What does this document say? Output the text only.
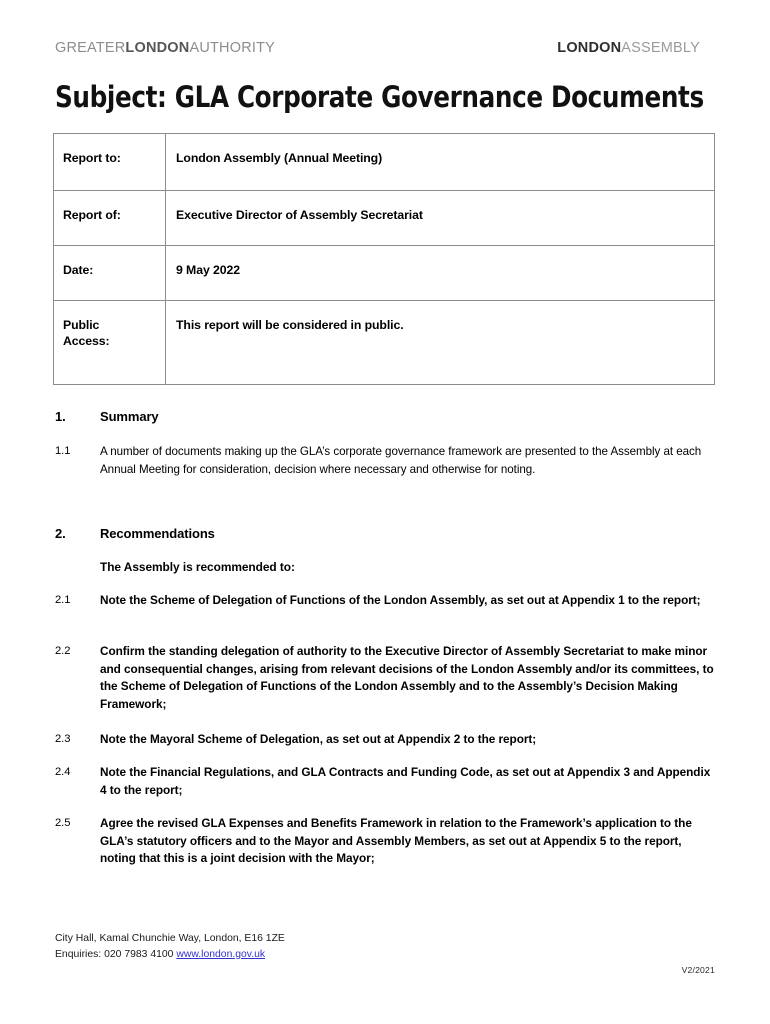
GREATERLONDONAUTHORITY	LONDONASSEMBLY
Subject: GLA Corporate Governance Documents
Report to:	London Assembly (Annual Meeting)
Report of:	Executive Director of Assembly Secretariat
Date:	9 May 2022
Public
Access:	This report will be considered in public.
1.	Summary
1.1	A number of documents making up the GLA’s corporate governance framework are presented to the Assembly at each Annual Meeting for consideration, decision where necessary and otherwise for noting.
2.	Recommendations
The Assembly is recommended to:
2.1	Note the Scheme of Delegation of Functions of the London Assembly, as set out at Appendix 1 to the report;
2.2	Confirm the standing delegation of authority to the Executive Director of Assembly Secretariat to make minor and consequential changes, arising from relevant decisions of the London Assembly and/or its committees, to the Scheme of Delegation of Functions of the London Assembly and to the Assembly’s Decision Making Framework;
2.3	Note the Mayoral Scheme of Delegation, as set out at Appendix 2 to the report;
2.4	Note the Financial Regulations, and GLA Contracts and Funding Code, as set out at Appendix 3 and Appendix 4 to the report;
2.5	Agree the revised GLA Expenses and Benefits Framework in relation to the Framework’s application to the GLA’s statutory officers and to the Mayor and Assembly Members, as set out at Appendix 5 to the report, noting that this is a joint decision with the Mayor;
City Hall, Kamal Chunchie Way, London, E16 1ZE
Enquiries: 020 7983 4100 www.london.gov.uk
V2/2021
